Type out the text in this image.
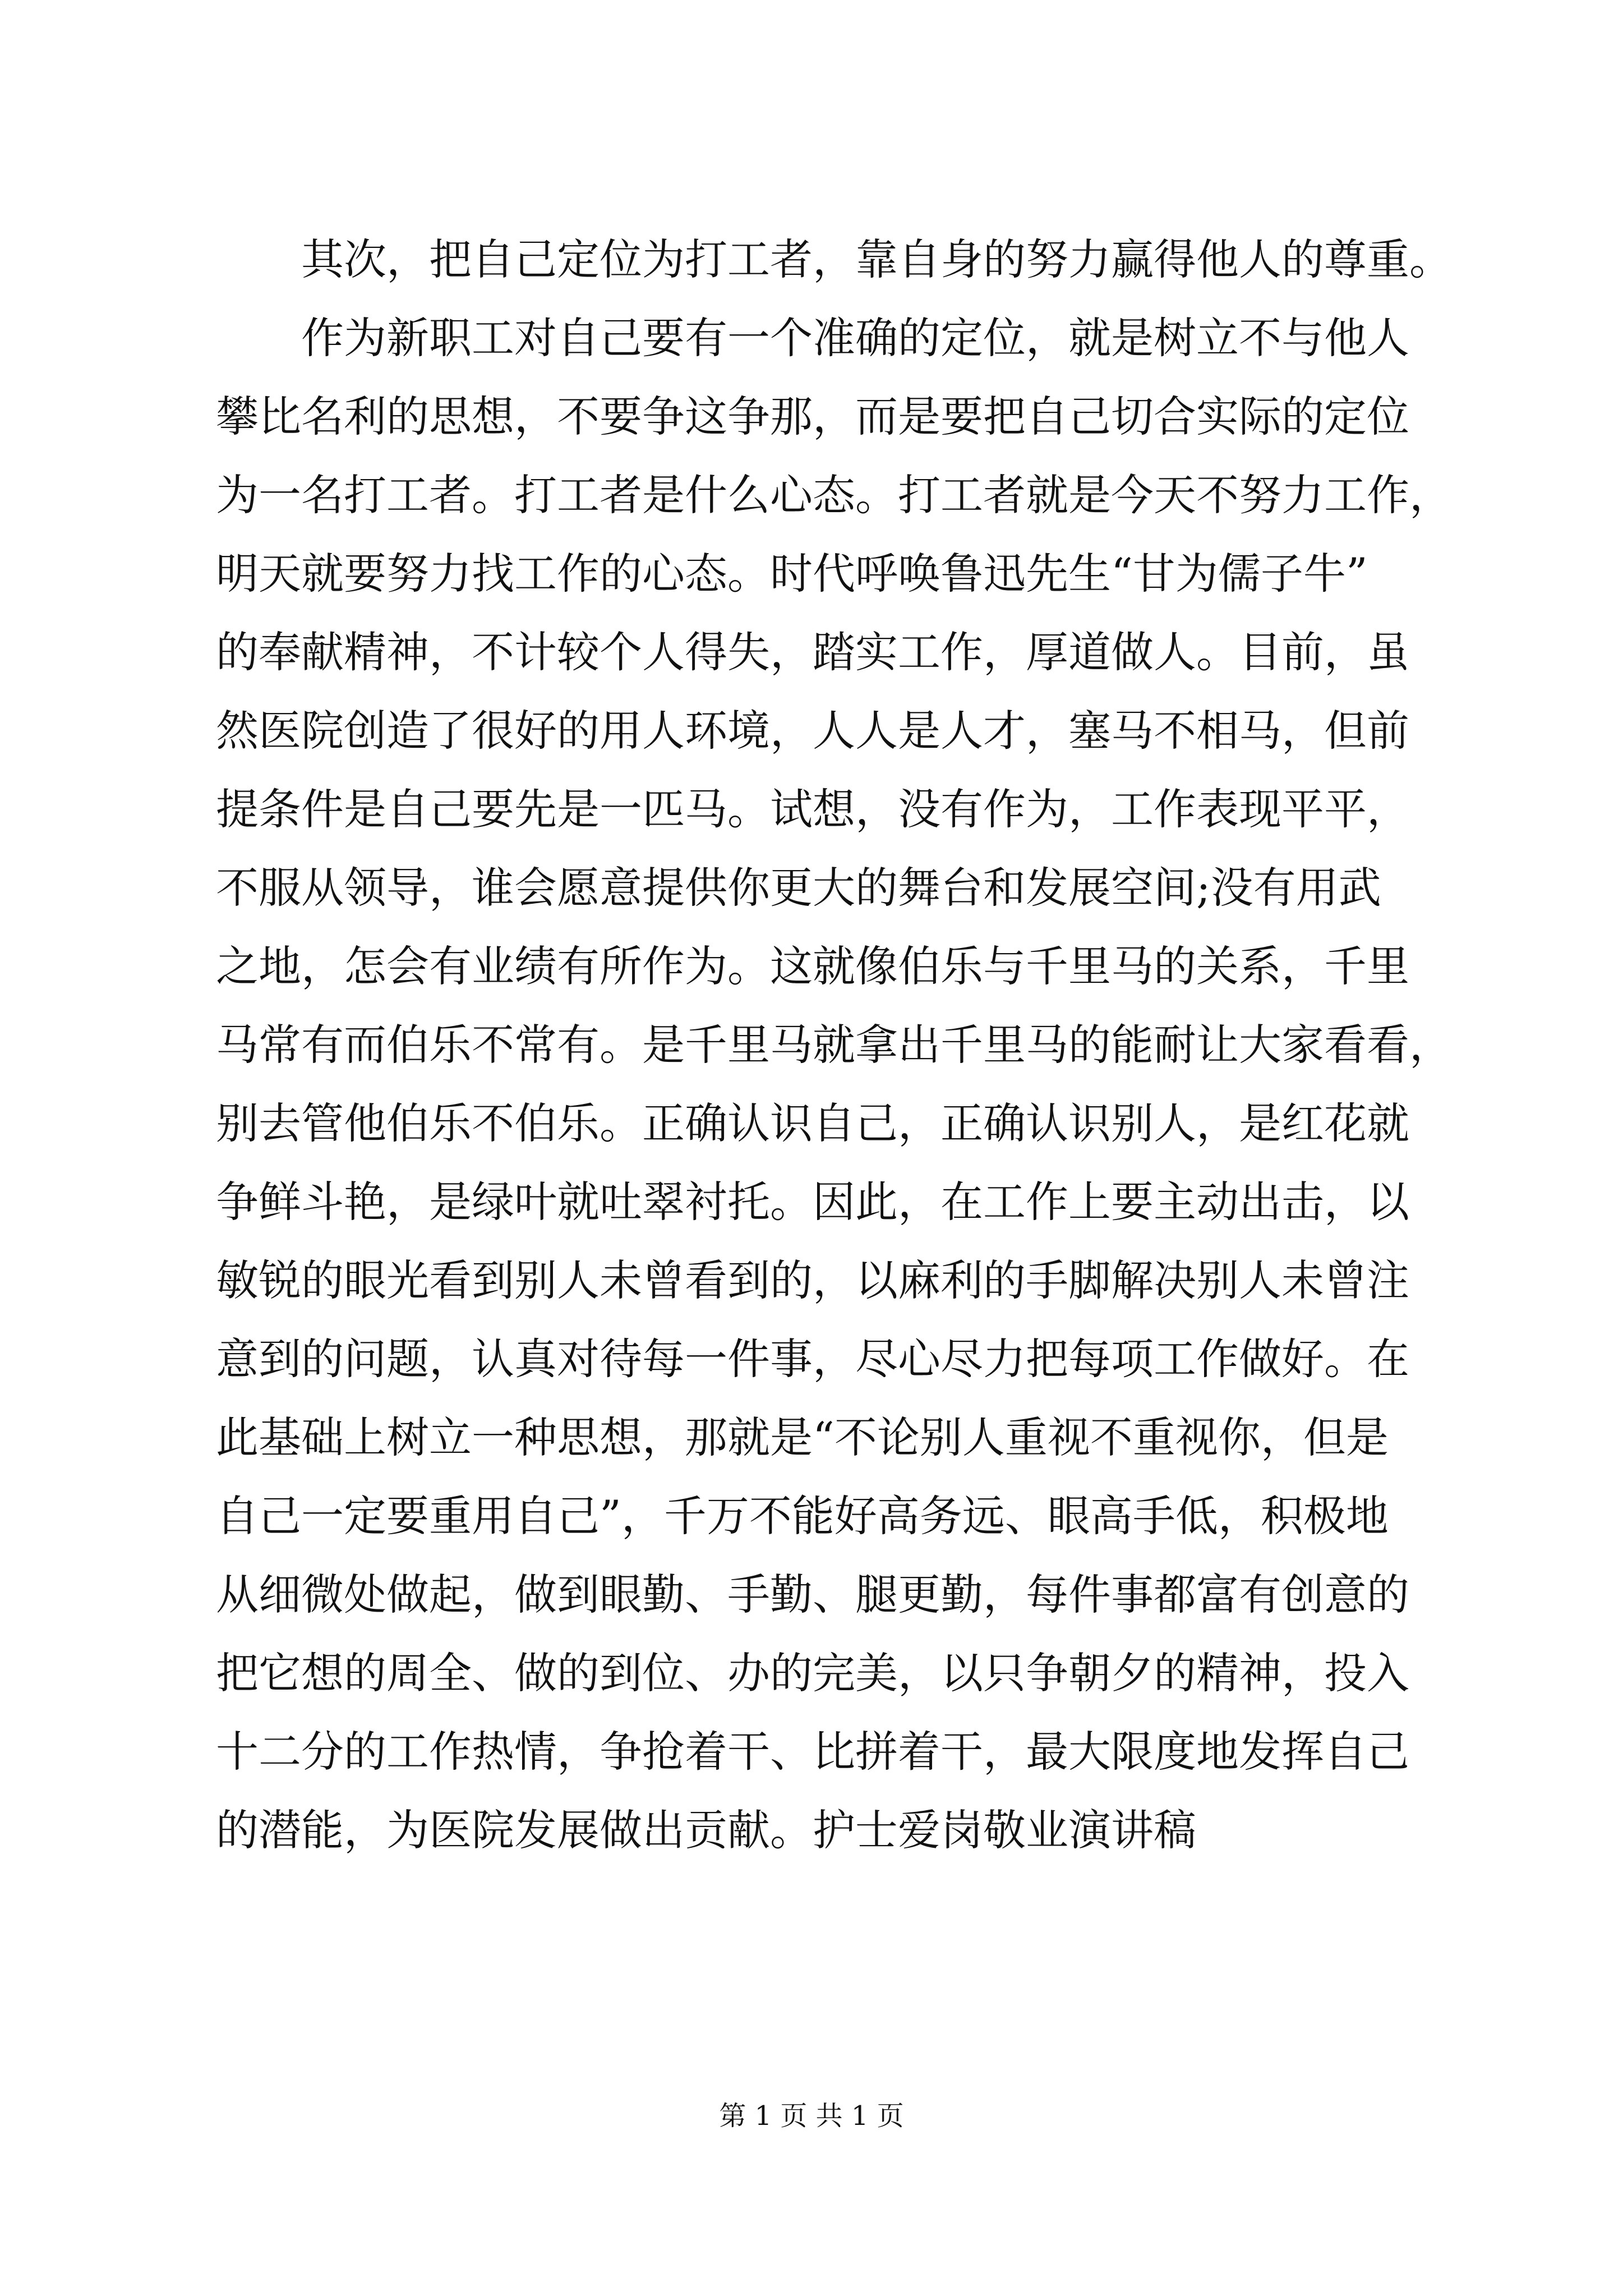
其次，把自己定位为打工者，靠自身的努力赢得他人的尊重。
作为新职工对自己要有一个准确的定位，就是树立不与他人
攀比名利的思想，不要争这争那，而是要把自己切合实际的定位
为一名打工者。打工者是什么心态。打工者就是今天不努力工作，
明天就要努力找工作的心态。时代呼唤鲁迅先生“甘为儒子牛”
的奉献精神，不计较个人得失，踏实工作，厚道做人。目前，虽
然医院创造了很好的用人环境，人人是人才，塞马不相马，但前
提条件是自己要先是一匹马。试想，没有作为，工作表现平平，
不服从领导，谁会愿意提供你更大的舞台和发展空间;没有用武
之地，怎会有业绩有所作为。这就像伯乐与千里马的关系，千里
马常有而伯乐不常有。是千里马就拿出千里马的能耐让大家看看，
别去管他伯乐不伯乐。正确认识自己，正确认识别人，是红花就
争鲜斗艳，是绿叶就吐翠衬托。因此，在工作上要主动出击，以
敏锐的眼光看到别人未曾看到的，以麻利的手脚解决别人未曾注
意到的问题，认真对待每一件事，尽心尽力把每项工作做好。在
此基础上树立一种思想，那就是“不论别人重视不重视你，但是
自己一定要重用自己”，千万不能好高务远、眼高手低，积极地
从细微处做起，做到眼勤、手勤、腿更勤，每件事都富有创意的
把它想的周全、做的到位、办的完美，以只争朝夕的精神，投入
十二分的工作热情，争抢着干、比拼着干，最大限度地发挥自己
的潜能，为医院发展做出贡献。护士爱岗敬业演讲稿
第 1 页 共 1 页
